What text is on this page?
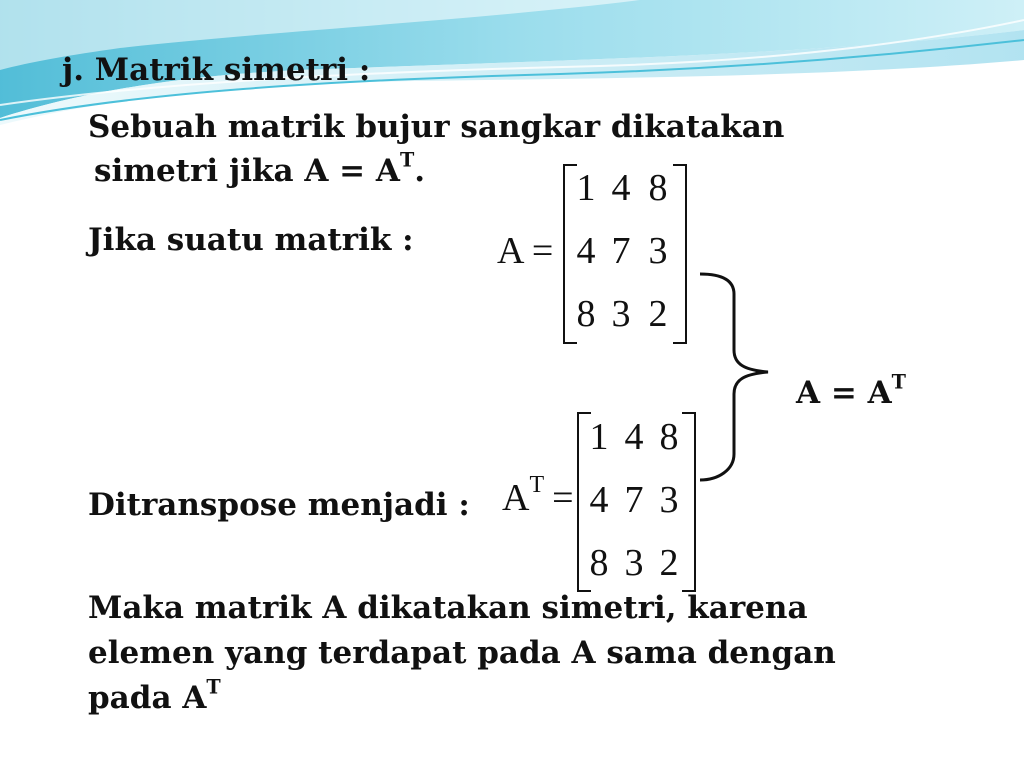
j. Matrik simetri :
Sebuah matrik bujur sangkar dikatakan
simetri jika $A = A^T$.
Jika suatu matrik : A =
1 4 8
4 7 3
8 3 2
$A = A^T$
Ditranspose menjadi : $A^T$ =
1 4 8
4 7 3
8 3 2
Maka matrik A dikatakan simetri, karena
elemen yang terdapat pada A sama dengan
pada $A^T$
